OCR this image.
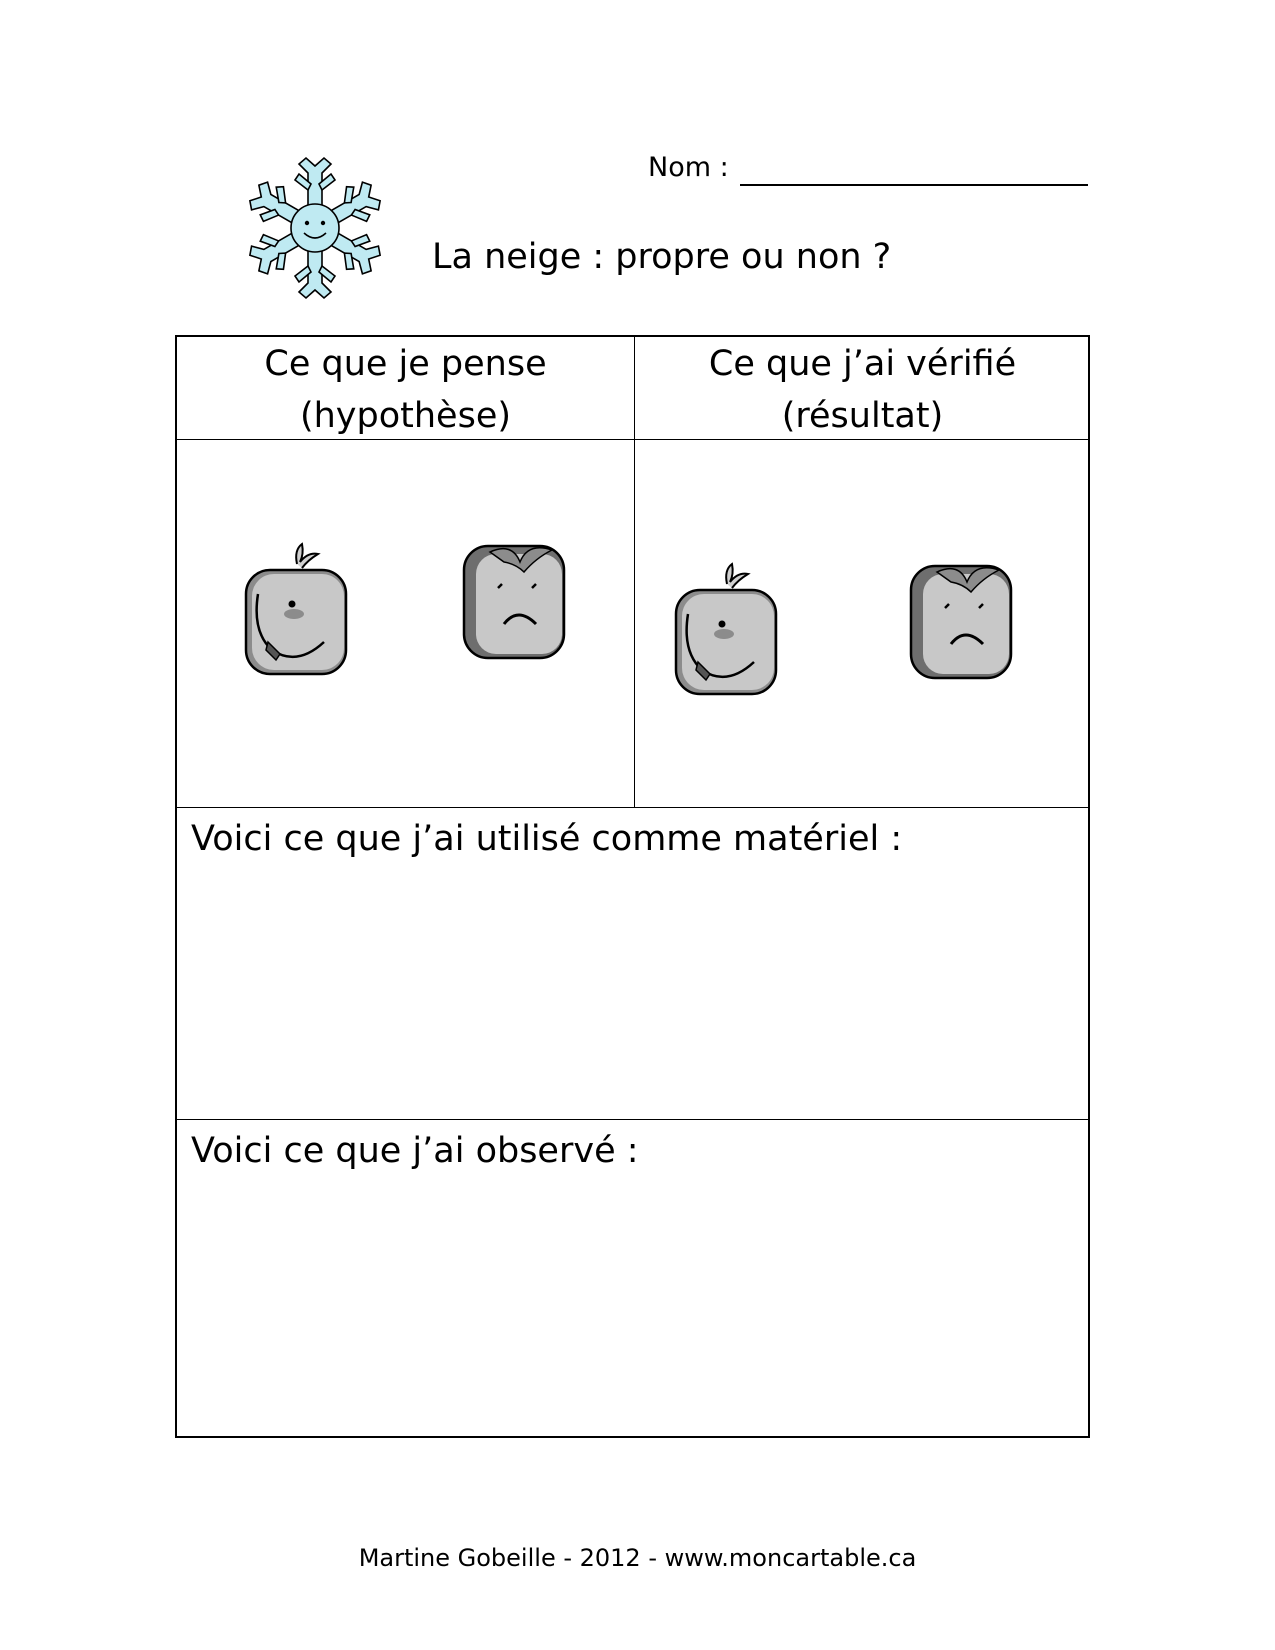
Nom :
La neige : propre ou non ?
Ce que je pense
(hypothèse)
Ce que j’ai vérifié
(résultat)
Voici ce que j’ai utilisé comme matériel :
Voici ce que j’ai observé :
Martine Gobeille - 2012 - www.moncartable.ca
